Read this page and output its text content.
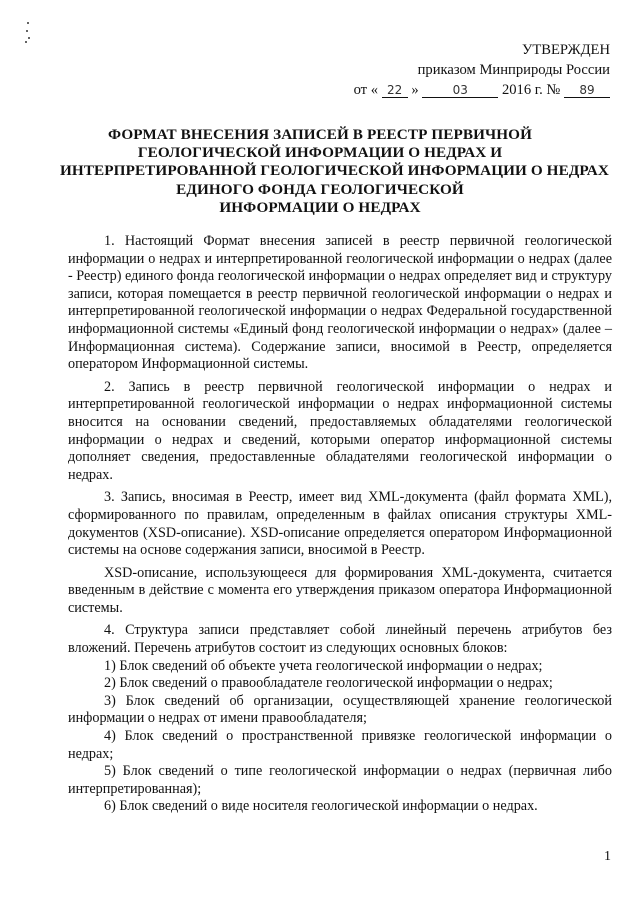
УТВЕРЖДЕН
приказом Минприроды России
от « 22 »	03 2016 г. № 89
ФОРМАТ ВНЕСЕНИЯ ЗАПИСЕЙ В РЕЕСТР ПЕРВИЧНОЙ
ГЕОЛОГИЧЕСКОЙ ИНФОРМАЦИИ О НЕДРАХ И
ИНТЕРПРЕТИРОВАННОЙ ГЕОЛОГИЧЕСКОЙ ИНФОРМАЦИИ О НЕДРАХ
ЕДИНОГО ФОНДА ГЕОЛОГИЧЕСКОЙ
ИНФОРМАЦИИ О НЕДРАХ

1. Настоящий Формат внесения записей в реестр первичной геологической информации о недрах и интерпретированной геологической информации о недрах (далее - Реестр) единого фонда геологической информации о недрах определяет вид и структуру записи, которая помещается в реестр первичной геологической информации о недрах и интерпретированной геологической информации о недрах Федеральной государственной информационной системы «Единый фонд геологической информации о недрах» (далее – Информационная система). Содержание записи, вносимой в Реестр, определяется оператором Информационной системы.

2. Запись в реестр первичной геологической информации о недрах и интерпретированной геологической информации о недрах информационной системы вносится на основании сведений, предоставляемых обладателями геологической информации о недрах и сведений, которыми оператор информационной системы дополняет сведения, предоставленные обладателями геологической информации о недрах.

3. Запись, вносимая в Реестр, имеет вид XML-документа (файл формата XML), сформированного по правилам, определенным в файлах описания структуры XML-документов (XSD-описание). XSD-описание определяется оператором Информационной системы на основе содержания записи, вносимой в Реестр.

XSD-описание, использующееся для формирования XML-документа, считается введенным в действие с момента его утверждения приказом оператора Информационной системы.

4. Структура записи представляет собой линейный перечень атрибутов без вложений. Перечень атрибутов состоит из следующих основных блоков:

1) Блок сведений об объекте учета геологической информации о недрах;

2) Блок сведений о правообладателе геологической информации о недрах;

3) Блок сведений об организации, осуществляющей хранение геологической информации о недрах от имени правообладателя;

4) Блок сведений о пространственной привязке геологической информации о недрах;

5) Блок сведений о типе геологической информации о недрах (первичная либо интерпретированная);

6) Блок сведений о виде носителя геологической информации о недрах.

1
